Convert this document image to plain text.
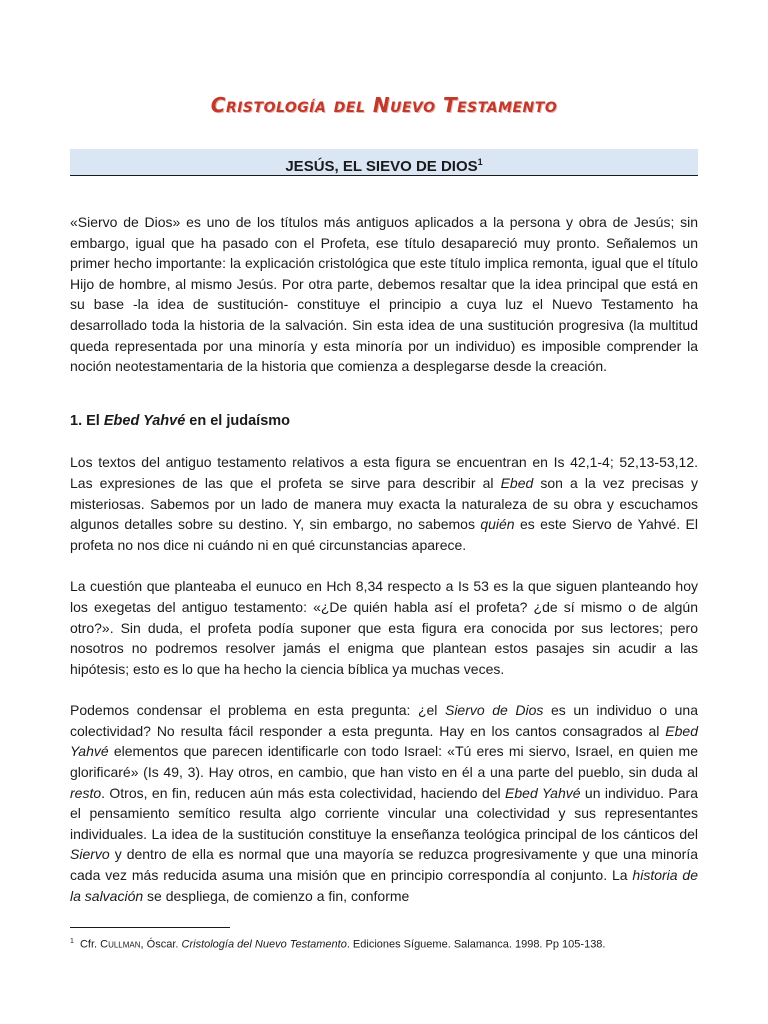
Cristología del Nuevo Testamento
JESÚS, EL SIEVO DE DIOS$^1$

«Siervo de Dios» es uno de los títulos más antiguos aplicados a la persona y obra de Jesús; sin embargo, igual que ha pasado con el Profeta, ese título desapareció muy pronto. Señalemos un primer hecho importante: la explicación cristológica que este título implica remonta, igual que el título Hijo de hombre, al mismo Jesús. Por otra parte, debemos resaltar que la idea principal que está en su base -la idea de sustitución- constituye el principio a cuya luz el Nuevo Testamento ha desarrollado toda la historia de la salvación. Sin esta idea de una sustitución progresiva (la multitud queda representada por una minoría y esta minoría por un individuo) es imposible comprender la noción neotestamentaria de la historia que comienza a desplegarse desde la creación.

1. El Ebed Yahvé en el judaísmo

Los textos del antiguo testamento relativos a esta figura se encuentran en Is 42,1-4; 52,13-53,12. Las expresiones de las que el profeta se sirve para describir al Ebed son a la vez precisas y misteriosas. Sabemos por un lado de manera muy exacta la naturaleza de su obra y escuchamos algunos detalles sobre su destino. Y, sin embargo, no sabemos quién es este Siervo de Yahvé. El profeta no nos dice ni cuándo ni en qué circunstancias aparece.

La cuestión que planteaba el eunuco en Hch 8,34 respecto a Is 53 es la que siguen planteando hoy los exegetas del antiguo testamento: «¿De quién habla así el profeta? ¿de sí mismo o de algún otro?». Sin duda, el profeta podía suponer que esta figura era conocida por sus lectores; pero nosotros no podremos resolver jamás el enigma que plantean estos pasajes sin acudir a las hipótesis; esto es lo que ha hecho la ciencia bíblica ya muchas veces.

Podemos condensar el problema en esta pregunta: ¿el Siervo de Dios es un individuo o una colectividad? No resulta fácil responder a esta pregunta. Hay en los cantos consagrados al Ebed Yahvé elementos que parecen identificarle con todo Israel: «Tú eres mi siervo, Israel, en quien me glorificaré» (Is 49, 3). Hay otros, en cambio, que han visto en él a una parte del pueblo, sin duda al resto. Otros, en fin, reducen aún más esta colectividad, haciendo del Ebed Yahvé un individuo. Para el pensamiento semítico resulta algo corriente vincular una colectividad y sus representantes individuales. La idea de la sustitución constituye la enseñanza teológica principal de los cánticos del Siervo y dentro de ella es normal que una mayoría se reduzca progresivamente y que una minoría cada vez más reducida asuma una misión que en principio correspondía al conjunto. La historia de la salvación se despliega, de comienzo a fin, conforme

$^1$ Cfr. Cullman, Óscar. Cristología del Nuevo Testamento. Ediciones Sígueme. Salamanca. 1998. Pp 105-138.
